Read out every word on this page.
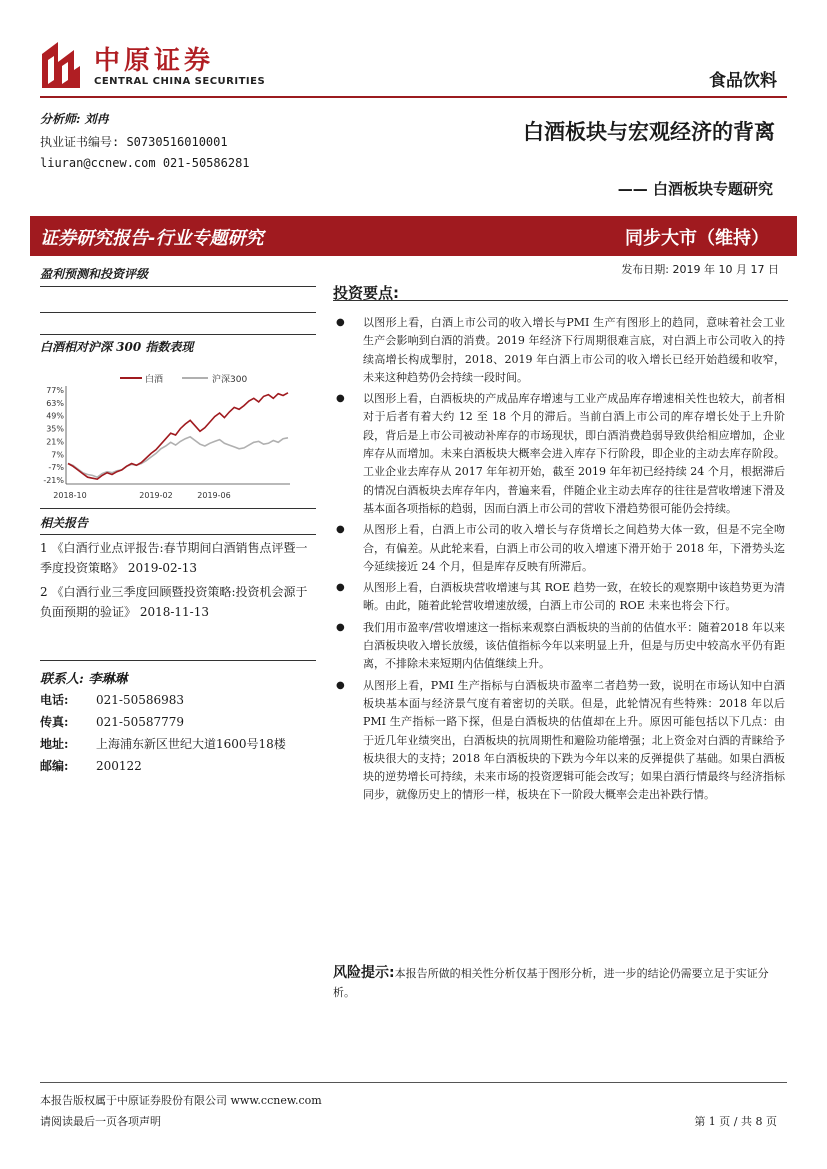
中原证券
CENTRAL CHINA SECURITIES	食品饮料
分析师: 刘冉
执业证书编号: S0730516010001
liuran@ccnew.com 021-50586281
白酒板块与宏观经济的背离
—— 白酒板块专题研究
证券研究报告-行业专题研究	同步大市（维持）
发布日期: 2019 年 10 月 17 日
盈利预测和投资评级
白酒相对沪深 300 指数表现
白酒	沪深300
77%
63%
49%
35%
21%
7%
-7%
-21%
2018-10	2019-02	2019-06
相关报告
1 《白酒行业点评报告:春节期间白酒销售点评暨一季度投资策略》 2019-02-13
2 《白酒行业三季度回顾暨投资策略:投资机会源于负面预期的验证》 2018-11-13
联系人: 李琳琳
电话: 021-50586983
传真: 021-50587779
地址: 上海浦东新区世纪大道1600号18楼
邮编: 200122
投资要点:
● 以图形上看，白酒上市公司的收入增长与PMI 生产有图形上的趋同，意味着社会工业生产会影响到白酒的消费。2019 年经济下行周期很难言底，对白酒上市公司收入的持续高增长构成掣肘，2018、2019 年白酒上市公司的收入增长已经开始趋缓和收窄，未来这种趋势仍会持续一段时间。
● 以图形上看，白酒板块的产成品库存增速与工业产成品库存增速相关性也较大，前者相对于后者有着大约 12 至 18 个月的滞后。当前白酒上市公司的库存增长处于上升阶段，背后是上市公司被动补库存的市场现状，即白酒消费趋弱导致供给相应增加，企业库存从而增加。未来白酒板块大概率会进入库存下行阶段，即企业的主动去库存阶段。工业企业去库存从 2017 年年初开始，截至 2019 年年初已经持续 24 个月，根据滞后的情况白酒板块去库存年内，普遍来看，伴随企业主动去库存的往往是营收增速下滑及基本面各项指标的趋弱，因而白酒上市公司的营收下滑趋势很可能仍会持续。
● 从图形上看，白酒上市公司的收入增长与存货增长之间趋势大体一致，但是不完全吻合，有偏差。从此轮来看，白酒上市公司的收入增速下滑开始于 2018 年，下滑势头迄今延续接近 24 个月，但是库存反映有所滞后。
● 从图形上看，白酒板块营收增速与其 ROE 趋势一致，在较长的观察期中该趋势更为清晰。由此，随着此轮营收增速放缓，白酒上市公司的 ROE 未来也将会下行。
● 我们用市盈率/营收增速这一指标来观察白酒板块的当前的估值水平：随着2018 年以来白酒板块收入增长放缓，该估值指标今年以来明显上升，但是与历史中较高水平仍有距离，不排除未来短期内估值继续上升。
● 从图形上看，PMI 生产指标与白酒板块市盈率二者趋势一致，说明在市场认知中白酒板块基本面与经济景气度有着密切的关联。但是，此轮情况有些特殊：2018 年以后 PMI 生产指标一路下探，但是白酒板块的估值却在上升。原因可能包括以下几点：由于近几年业绩突出，白酒板块的抗周期性和避险功能增强；北上资金对白酒的青睐给予板块很大的支持；2018 年白酒板块的下跌为今年以来的反弹提供了基础。如果白酒板块的逆势增长可持续，未来市场的投资逻辑可能会改写；如果白酒行情最终与经济指标同步，就像历史上的情形一样，板块在下一阶段大概率会走出补跌行情。
风险提示:本报告所做的相关性分析仅基于图形分析，进一步的结论仍需要立足于实证分析。
本报告版权属于中原证券股份有限公司 www.ccnew.com
请阅读最后一页各项声明	第 1 页 / 共 8 页
